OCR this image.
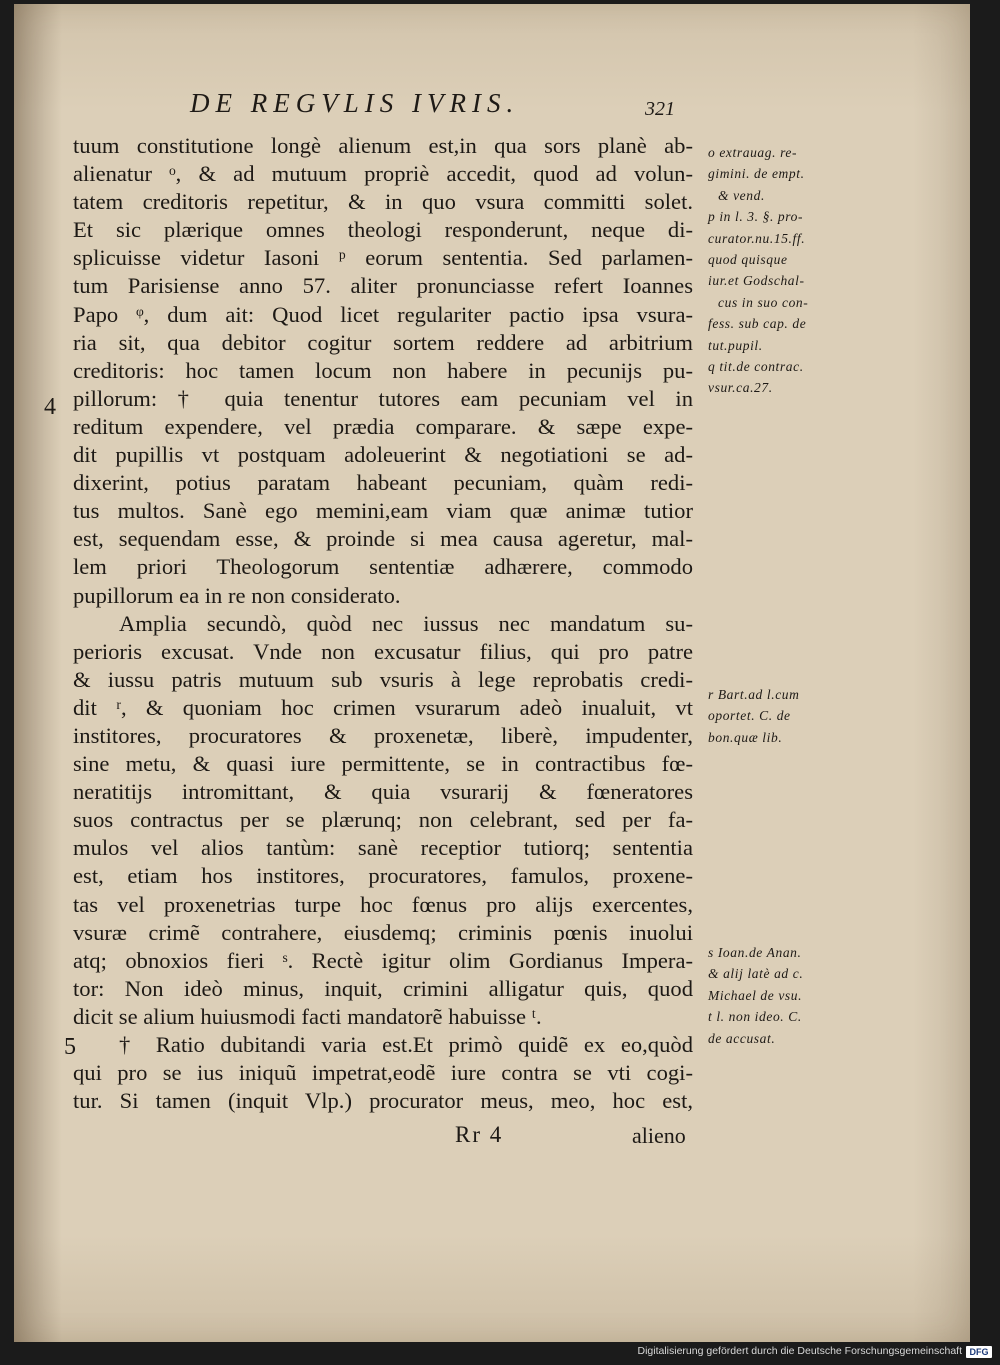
DE REGVLIS IVRIS.	321
4
5
tuum constitutione longè alienum est,in qua sors planè ab-
alienatur ᵒ, & ad mutuum propriè accedit, quod ad volun-
tatem creditoris repetitur, & in quo vsura committi solet.
Et sic plærique omnes theologi responderunt, neque di-
splicuisse videtur Iasoni ᵖ eorum sententia. Sed parlamen-
tum Parisiense anno 57. aliter pronunciasse refert Ioannes
Papo ᵠ, dum ait: Quod licet regulariter pactio ipsa vsura-
ria sit, qua debitor cogitur sortem reddere ad arbitrium
creditoris: hoc tamen locum non habere in pecunijs pu-
pillorum: † quia tenentur tutores eam pecuniam vel in
reditum expendere, vel prædia comparare. & sæpe expe-
dit pupillis vt postquam adoleuerint & negotiationi se ad-
dixerint, potius paratam habeant pecuniam, quàm redi-
tus multos. Sanè ego memini,eam viam quæ animæ tutior
est, sequendam esse, & proinde si mea causa ageretur, mal-
lem priori Theologorum sententiæ adhærere, commodo
pupillorum ea in re non considerato.
Amplia secundò, quòd nec iussus nec mandatum su-
perioris excusat. Vnde non excusatur filius, qui pro patre
& iussu patris mutuum sub vsuris à lege reprobatis credi-
dit ʳ, & quoniam hoc crimen vsurarum adeò inualuit, vt
institores, procuratores & proxenetæ, liberè, impudenter,
sine metu, & quasi iure permittente, se in contractibus fœ-
neratitijs intromittant, & quia vsurarij & fœneratores
suos contractus per se plærunq; non celebrant, sed per fa-
mulos vel alios tantùm: sanè receptior tutiorq; sententia
est, etiam hos institores, procuratores, famulos, proxene-
tas vel proxenetrias turpe hoc fœnus pro alijs exercentes,
vsuræ crimẽ contrahere, eiusdemq; criminis pœnis inuolui
atq; obnoxios fieri ˢ. Rectè igitur olim Gordianus Impera-
tor: Non ideò minus, inquit, crimini alligatur quis, quod
dicit se alium huiusmodi facti mandatorẽ habuisse ᵗ.
† Ratio dubitandi varia est.Et primò quidẽ ex eo,quòd
qui pro se ius iniquũ impetrat,eodẽ iure contra se vti cogi-
tur. Si tamen (inquit Vlp.) procurator meus, meo, hoc est,
o extrauag. re-
gimini. de empt.
& vend.
p in l. 3. §. pro-
curator.nu.15.ff.
quod quisque
iur.et Godschal-
cus in suo con-
fess. sub cap. de
tut.pupil.
q tit.de contrac.
vsur.ca.27.
r Bart.ad l.cum
oportet. C. de
bon.quæ lib.
s Ioan.de Anan.
& alij latè ad c.
Michael de vsu.
t l. non ideo. C.
de accusat.
Rr 4	alieno
Digitalisierung gefördert durch die Deutsche Forschungsgemeinschaft DFG
